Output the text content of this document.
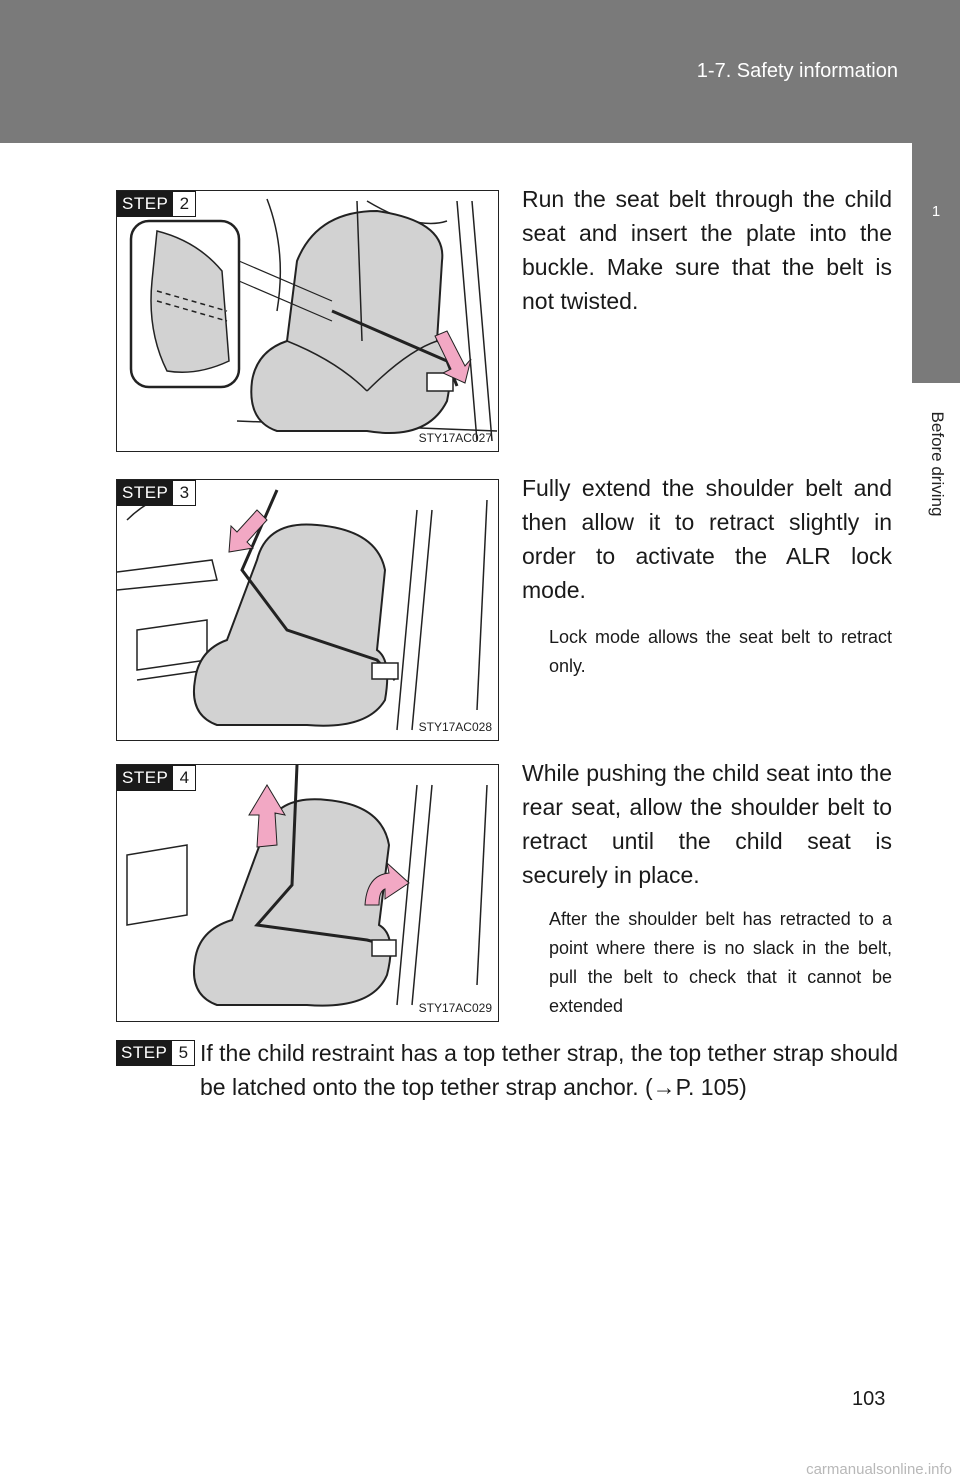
1-7. Safety information
1
Before driving
STEP 2
STY17AC027
Run the seat belt through the child seat and insert the plate into the buckle. Make sure that the belt is not twisted.
STEP 3
STY17AC028
Fully extend the shoulder belt and then allow it to retract slightly in order to activate the ALR lock mode.
Lock mode allows the seat belt to retract only.
STEP 4
STY17AC029
While pushing the child seat into the rear seat, allow the shoulder belt to retract until the child seat is securely in place.
After the shoulder belt has retracted to a point where there is no slack in the belt, pull the belt to check that it cannot be extended
STEP 5 If the child restraint has a top tether strap, the top tether strap should be latched onto the top tether strap anchor. (→P. 105)
103
carmanualsonline.info
